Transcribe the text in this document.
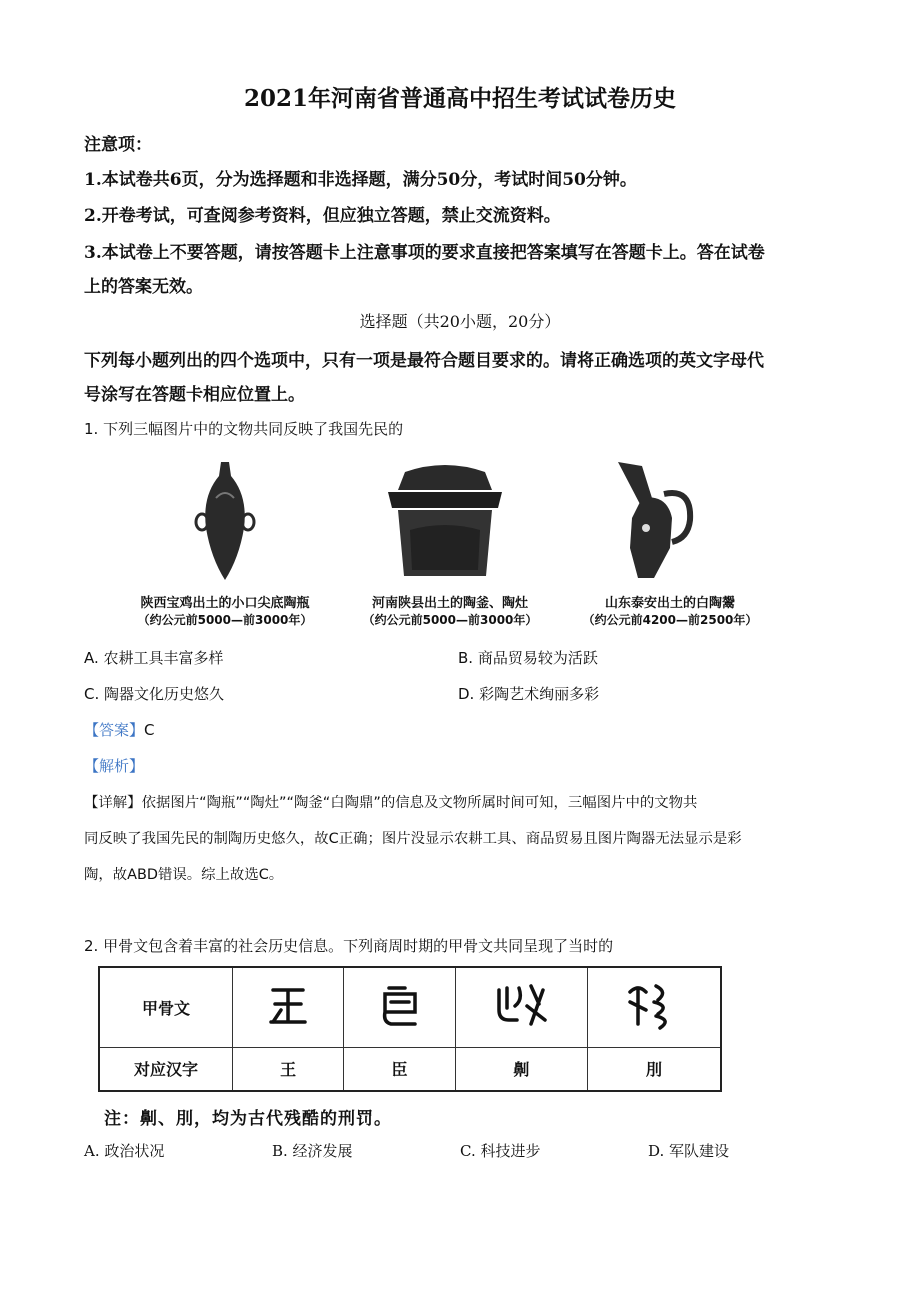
2021年河南省普通高中招生考试试卷历史
注意项：
1.本试卷共6页，分为选择题和非选择题，满分50分，考试时间50分钟。
2.开卷考试，可查阅参考资料，但应独立答题，禁止交流资料。
3.本试卷上不要答题，请按答题卡上注意事项的要求直接把答案填写在答题卡上。答在试卷
上的答案无效。
选择题（共20小题，20分）
下列每小题列出的四个选项中，只有一项是最符合题目要求的。请将正确选项的英文字母代
号涂写在答题卡相应位置上。
1. 下列三幅图片中的文物共同反映了我国先民的
陕西宝鸡出土的小口尖底陶瓶
（约公元前5000—前3000年）
河南陕县出土的陶釜、陶灶
（约公元前5000—前3000年）
山东泰安出土的白陶鬶
（约公元前4200—前2500年）
A. 农耕工具丰富多样	B. 商品贸易较为活跃
C. 陶器文化历史悠久	D. 彩陶艺术绚丽多彩
【答案】C
【解析】
【详解】依据图片“陶瓶”“陶灶”“陶釜“白陶鼎”的信息及文物所属时间可知，三幅图片中的文物共
同反映了我国先民的制陶历史悠久，故C正确；图片没显示农耕工具、商品贸易且图片陶器无法显示是彩
陶，故ABD错误。综上故选C。
2. 甲骨文包含着丰富的社会历史信息。下列商周时期的甲骨文共同呈现了当时的
甲骨文				
对应汉字	王	臣	劓	刖
注：劓、刖，均为古代残酷的刑罚。
A. 政治状况	B. 经济发展	C. 科技进步	D. 军队建设
